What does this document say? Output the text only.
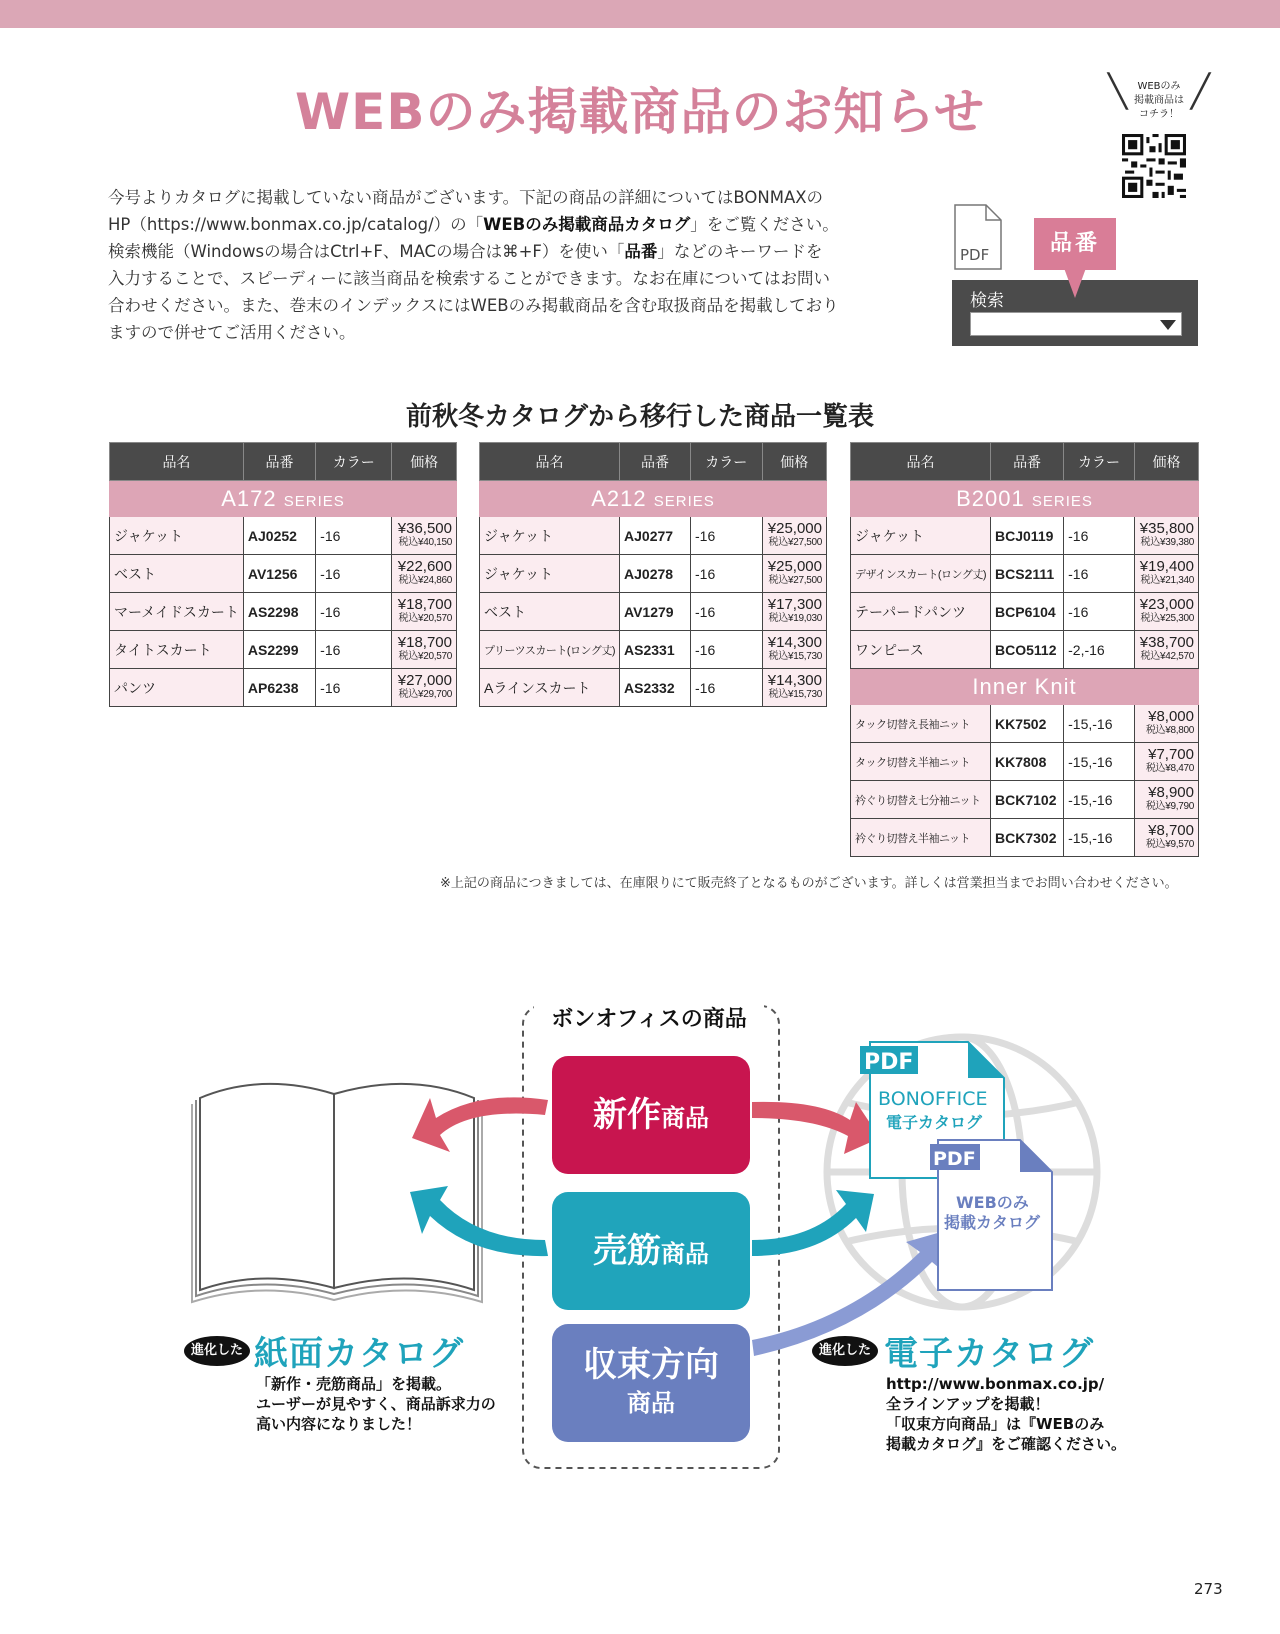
WEBのみ掲載商品のお知らせ	╲	WEBのみ
掲載商品は
コチラ！
╱
今号よりカタログに掲載していない商品がございます。下記の商品の詳細についてはBONMAXの
HP（https://www.bonmax.co.jp/catalog/）の「WEBのみ掲載商品カタログ」をご覧ください。
検索機能（Windowsの場合はCtrl+F、MACの場合は⌘+F）を使い「品番」などのキーワードを
入力することで、スピーディーに該当商品を検索することができます。なお在庫についてはお問い
合わせください。また、巻末のインデックスにはWEBのみ掲載商品を含む取扱商品を掲載しており
ますので併せてご活用ください。
PDF
検索
品番
前秋冬カタログから移行した商品一覧表
品名	品番	カラー	価格
A172 SERIES			
ジャケット	AJ0252	-16	¥36,500
税込¥40,150

ベスト	AV1256	-16	¥22,600
税込¥24,860

マーメイドスカート	AS2298	-16	¥18,700
税込¥20,570

タイトスカート	AS2299	-16	¥18,700
税込¥20,570

パンツ	AP6238	-16	¥27,000
税込¥29,700
品名	品番	カラー	価格
A212 SERIES			
ジャケット	AJ0277	-16	¥25,000
税込¥27,500

ジャケット	AJ0278	-16	¥25,000
税込¥27,500

ベスト	AV1279	-16	¥17,300
税込¥19,030

プリーツスカート(ロング丈)	AS2331	-16	¥14,300
税込¥15,730

Aラインスカート	AS2332	-16	¥14,300
税込¥15,730
品名	品番	カラー	価格
B2001 SERIES			
ジャケット	BCJ0119	-16	¥35,800
税込¥39,380

デザインスカート(ロング丈)	BCS2111	-16	¥19,400
税込¥21,340

テーパードパンツ	BCP6104	-16	¥23,000
税込¥25,300

ワンピース	BCO5112	-2,-16	¥38,700
税込¥42,570

Inner Knit			
タック切替え長袖ニット	KK7502	-15,-16	¥8,000
税込¥8,800

タック切替え半袖ニット	KK7808	-15,-16	¥7,700
税込¥8,470

衿ぐり切替え七分袖ニット	BCK7102	-15,-16	¥8,900
税込¥9,790

衿ぐり切替え半袖ニット	BCK7302	-15,-16	¥8,700
税込¥9,570
※上記の商品につきましては、在庫限りにて販売終了となるものがございます。詳しくは営業担当までお問い合わせください。
ボンオフィスの商品
新作商品
売筋商品
収束方向
商品
PDF
BONOFFICE
電子カタログ
PDF
WEBのみ
掲載カタログ
進化した 紙面カタログ
「新作・売筋商品」を掲載。
ユーザーが見やすく、商品訴求力の
高い内容になりました！
進化した 電子カタログ
http://www.bonmax.co.jp/
全ラインアップを掲載！
「収束方向商品」は『WEBのみ
掲載カタログ』をご確認ください。
273
